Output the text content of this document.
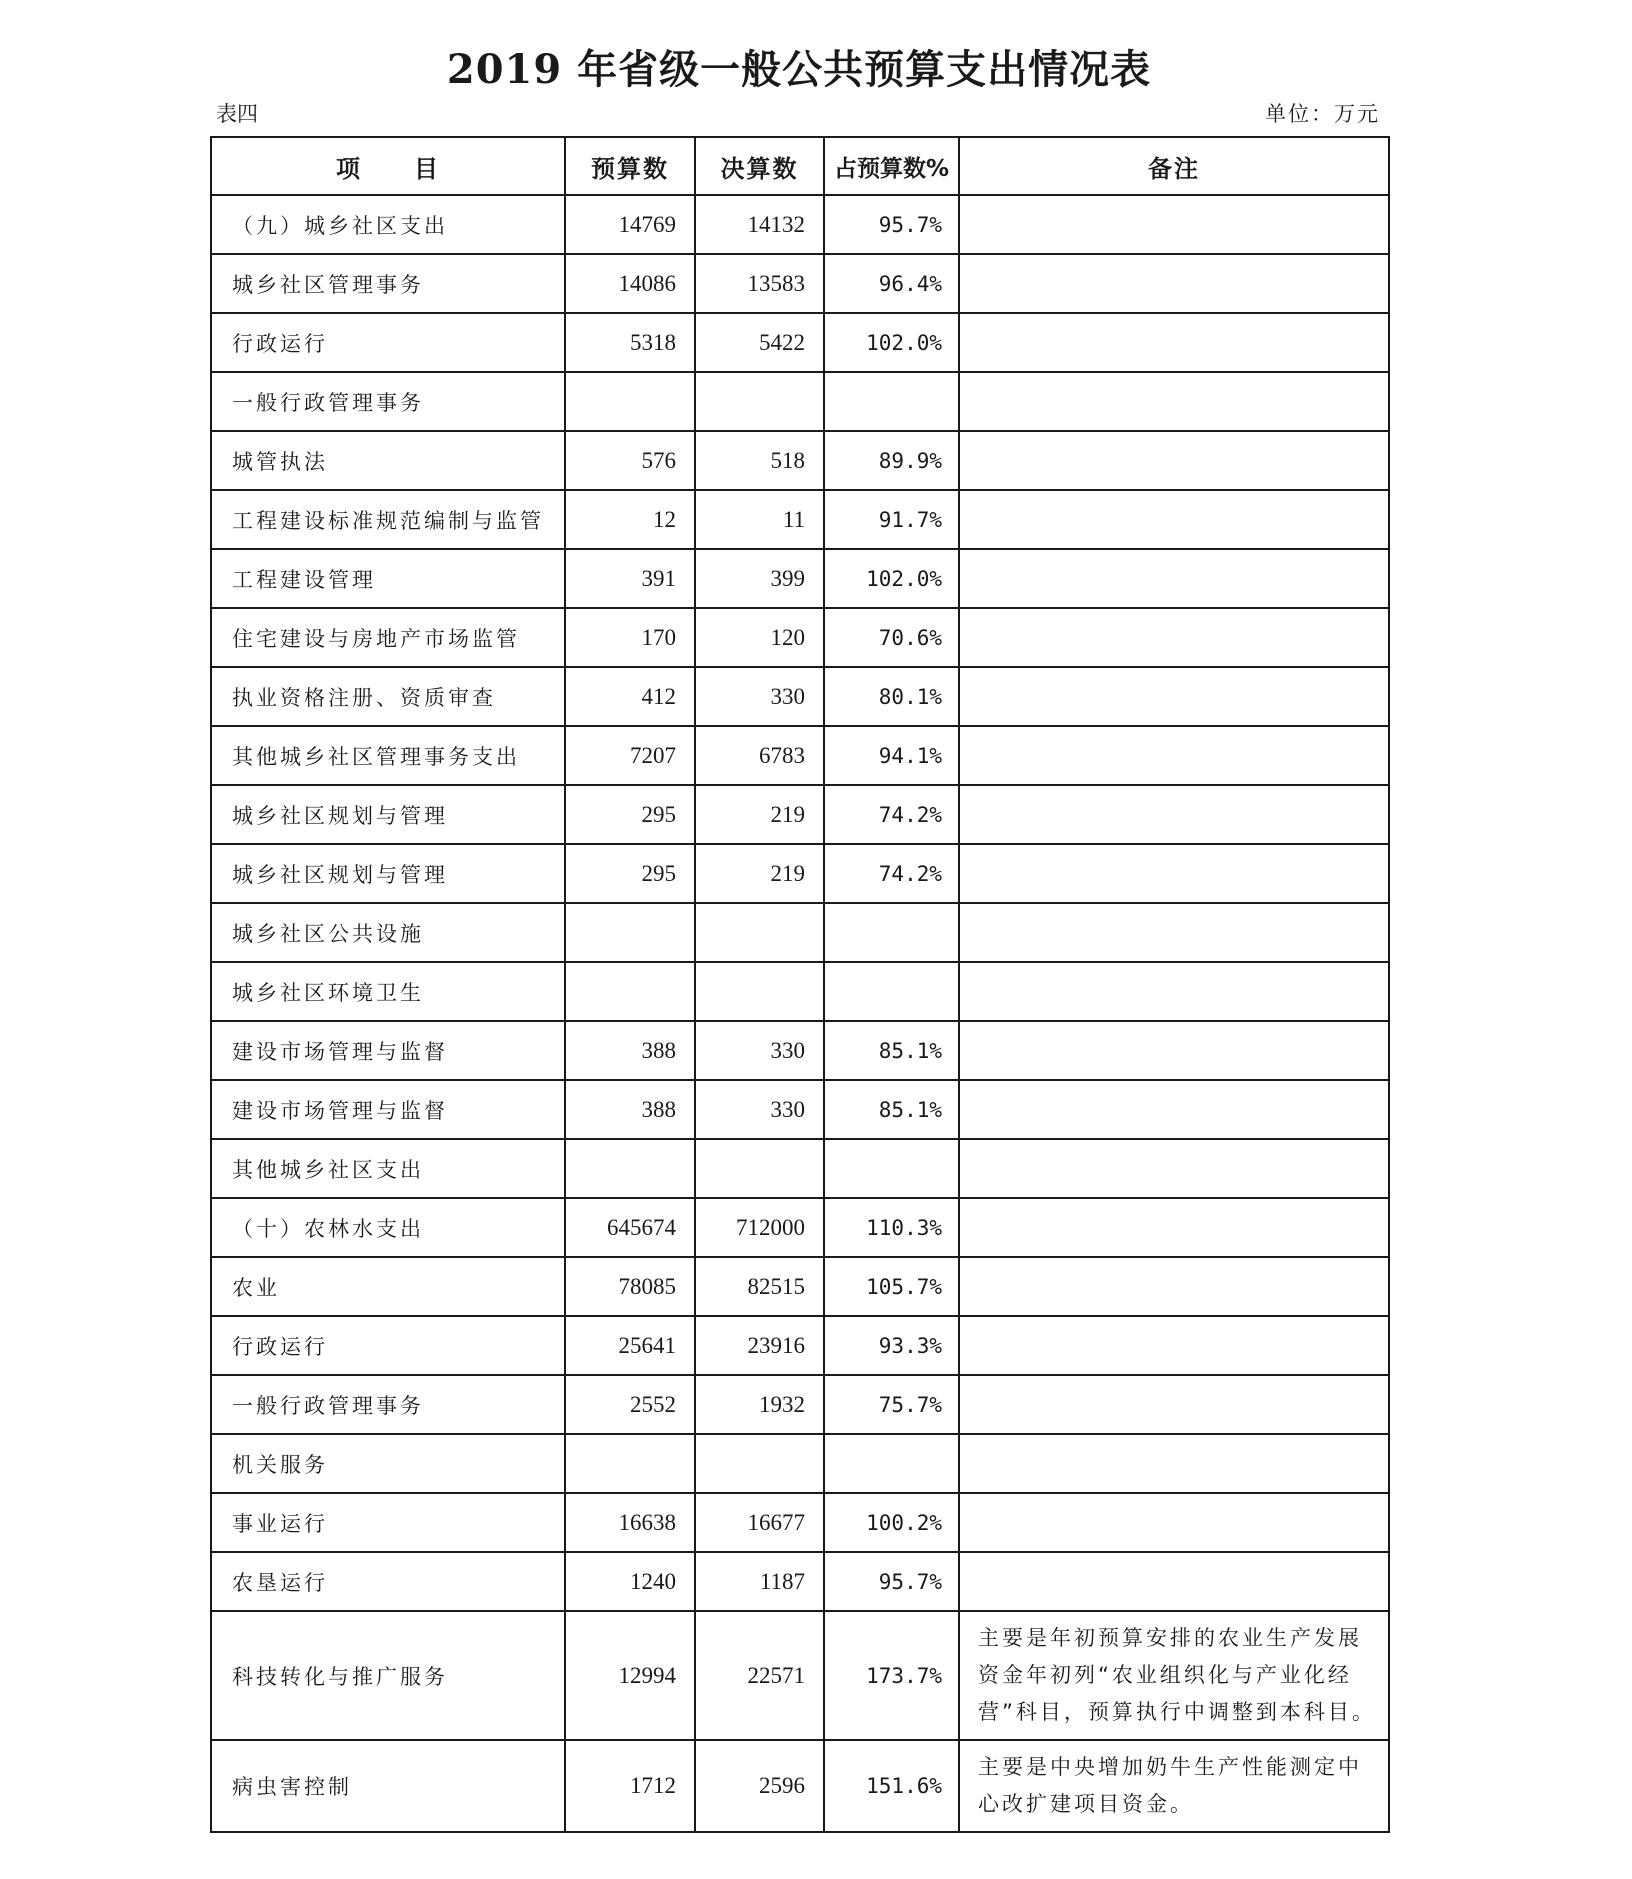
2019 年省级一般公共预算支出情况表
表四	单位：万元
项　　目	预算数	决算数	占预算数%	备注
（九）城乡社区支出	14769	14132	95.7%	
城乡社区管理事务	14086	13583	96.4%	
行政运行	5318	5422	102.0%	
一般行政管理事务				
城管执法	576	518	89.9%	
工程建设标准规范编制与监管	12	11	91.7%	
工程建设管理	391	399	102.0%	
住宅建设与房地产市场监管	170	120	70.6%	
执业资格注册、资质审查	412	330	80.1%	
其他城乡社区管理事务支出	7207	6783	94.1%	
城乡社区规划与管理	295	219	74.2%	
城乡社区规划与管理	295	219	74.2%	
城乡社区公共设施				
城乡社区环境卫生				
建设市场管理与监督	388	330	85.1%	
建设市场管理与监督	388	330	85.1%	
其他城乡社区支出				
（十）农林水支出	645674	712000	110.3%	
农业	78085	82515	105.7%	
行政运行	25641	23916	93.3%	
一般行政管理事务	2552	1932	75.7%	
机关服务				
事业运行	16638	16677	100.2%	
农垦运行	1240	1187	95.7%	
科技转化与推广服务	12994	22571	173.7%	主要是年初预算安排的农业生产发展资金年初列“农业组织化与产业化经营”科目，预算执行中调整到本科目。
病虫害控制	1712	2596	151.6%	主要是中央增加奶牛生产性能测定中心改扩建项目资金。
